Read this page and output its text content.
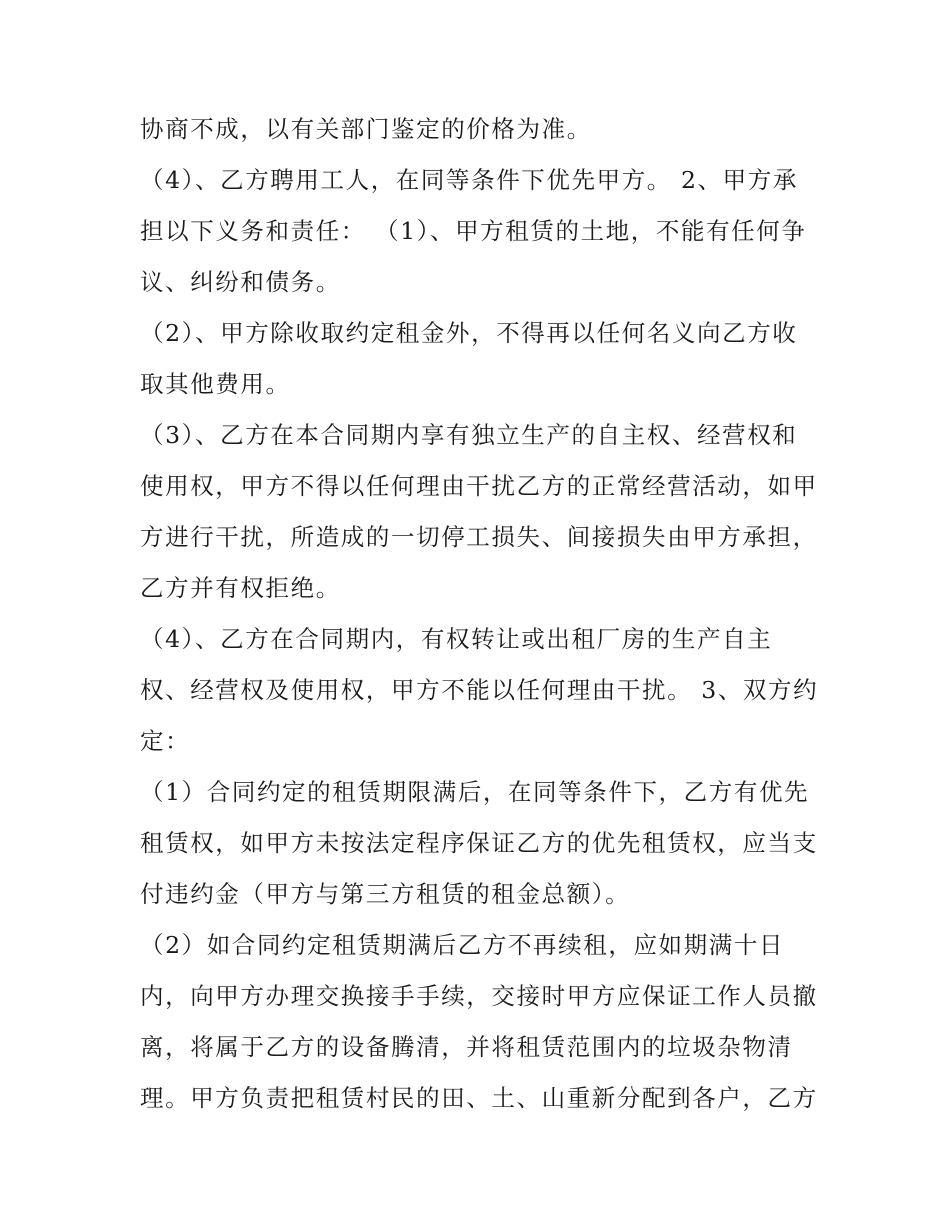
协商不成，以有关部门鉴定的价格为准。
（4）、乙方聘用工人，在同等条件下优先甲方。 2、甲方承
担以下义务和责任： （1）、甲方租赁的土地，不能有任何争
议、纠纷和债务。
（2）、甲方除收取约定租金外，不得再以任何名义向乙方收
取其他费用。
（3）、乙方在本合同期内享有独立生产的自主权、经营权和
使用权，甲方不得以任何理由干扰乙方的正常经营活动，如甲
方进行干扰，所造成的一切停工损失、间接损失由甲方承担，
乙方并有权拒绝。
（4）、乙方在合同期内，有权转让或出租厂房的生产自主
权、经营权及使用权，甲方不能以任何理由干扰。 3、双方约
定：
（1）合同约定的租赁期限满后，在同等条件下，乙方有优先
租赁权，如甲方未按法定程序保证乙方的优先租赁权，应当支
付违约金（甲方与第三方租赁的租金总额）。
（2）如合同约定租赁期满后乙方不再续租，应如期满十日
内，向甲方办理交换接手手续，交接时甲方应保证工作人员撤
离，将属于乙方的设备腾清，并将租赁范围内的垃圾杂物清
理。甲方负责把租赁村民的田、土、山重新分配到各户，乙方
